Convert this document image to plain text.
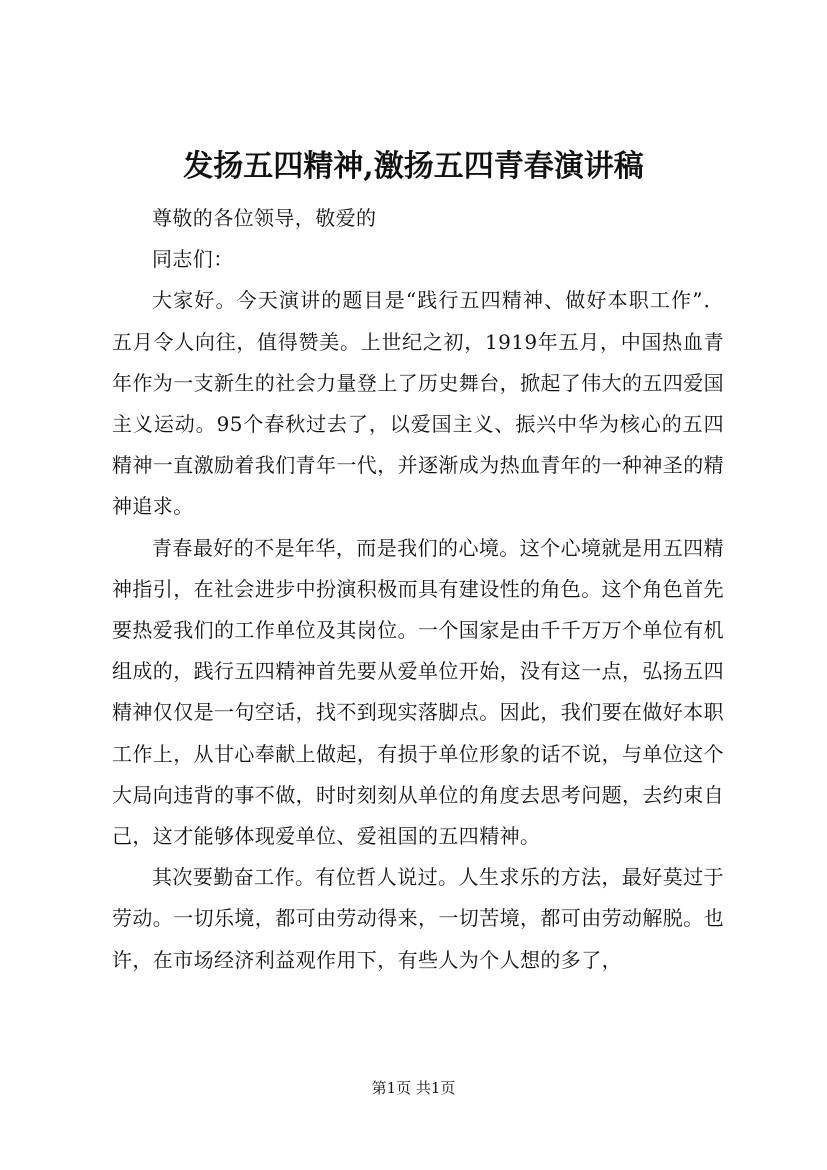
发扬五四精神,激扬五四青春演讲稿

尊敬的各位领导，敬爱的

同志们：

大家好。今天演讲的题目是“践行五四精神、做好本职工作”．五月令人向往，值得赞美。上世纪之初，1919年五月，中国热血青年作为一支新生的社会力量登上了历史舞台，掀起了伟大的五四爱国主义运动。95个春秋过去了，以爱国主义、振兴中华为核心的五四精神一直激励着我们青年一代，并逐渐成为热血青年的一种神圣的精神追求。

青春最好的不是年华，而是我们的心境。这个心境就是用五四精神指引，在社会进步中扮演积极而具有建设性的角色。这个角色首先要热爱我们的工作单位及其岗位。一个国家是由千千万万个单位有机组成的，践行五四精神首先要从爱单位开始，没有这一点，弘扬五四精神仅仅是一句空话，找不到现实落脚点。因此，我们要在做好本职工作上，从甘心奉献上做起，有损于单位形象的话不说，与单位这个大局向违背的事不做，时时刻刻从单位的角度去思考问题，去约束自己，这才能够体现爱单位、爱祖国的五四精神。

其次要勤奋工作。有位哲人说过。人生求乐的方法，最好莫过于劳动。一切乐境，都可由劳动得来，一切苦境，都可由劳动解脱。也许，在市场经济利益观作用下，有些人为个人想的多了，

第1页 共1页
